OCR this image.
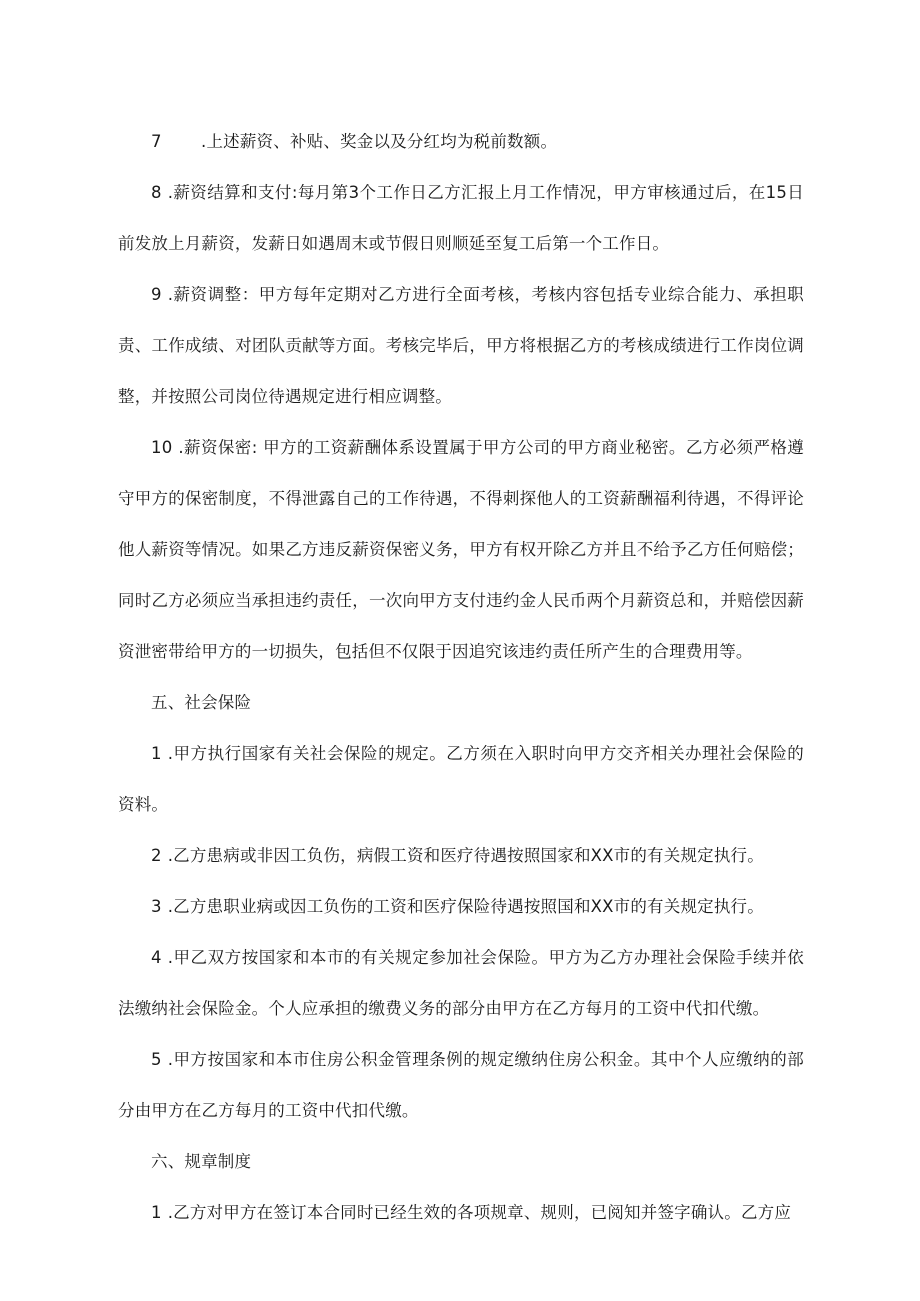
7 .上述薪资、补贴、奖金以及分红均为税前数额。

8 .薪资结算和支付:每月第3个工作日乙方汇报上月工作情况，甲方审核通过后，在15日前发放上月薪资，发薪日如遇周末或节假日则顺延至复工后第一个工作日。

9 .薪资调整：甲方每年定期对乙方进行全面考核，考核内容包括专业综合能力、承担职责、工作成绩、对团队贡献等方面。考核完毕后，甲方将根据乙方的考核成绩进行工作岗位调整，并按照公司岗位待遇规定进行相应调整。

10 .薪资保密: 甲方的工资薪酬体系设置属于甲方公司的甲方商业秘密。乙方必须严格遵守甲方的保密制度，不得泄露自己的工作待遇，不得刺探他人的工资薪酬福利待遇，不得评论他人薪资等情况。如果乙方违反薪资保密义务，甲方有权开除乙方并且不给予乙方任何赔偿；同时乙方必须应当承担违约责任，一次向甲方支付违约金人民币两个月薪资总和，并赔偿因薪资泄密带给甲方的一切损失，包括但不仅限于因追究该违约责任所产生的合理费用等。

五、社会保险

1 .甲方执行国家有关社会保险的规定。乙方须在入职时向甲方交齐相关办理社会保险的资料。

2 .乙方患病或非因工负伤，病假工资和医疗待遇按照国家和XX市的有关规定执行。

3 .乙方患职业病或因工负伤的工资和医疗保险待遇按照国和XX市的有关规定执行。

4 .甲乙双方按国家和本市的有关规定参加社会保险。甲方为乙方办理社会保险手续并依法缴纳社会保险金。个人应承担的缴费义务的部分由甲方在乙方每月的工资中代扣代缴。

5 .甲方按国家和本市住房公积金管理条例的规定缴纳住房公积金。其中个人应缴纳的部分由甲方在乙方每月的工资中代扣代缴。

六、规章制度

1 .乙方对甲方在签订本合同时已经生效的各项规章、规则，已阅知并签字确认。乙方应
